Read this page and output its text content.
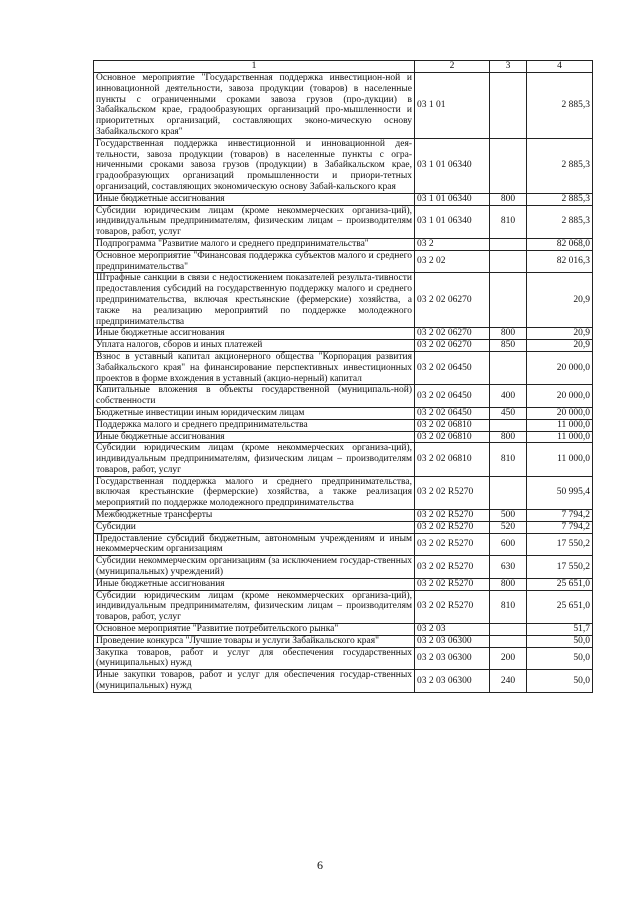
1	2	3	4
Основное мероприятие "Государственная поддержка инвестицион-ной и инновационной деятельности, завоза продукции (товаров) в населенные пункты с ограниченными сроками завоза грузов (про-дукции) в Забайкальском крае, градообразующих организаций про-мышленности и приоритетных организаций, составляющих эконо-мическую основу Забайкальского края"	03 1 01		2 885,3
Государственная поддержка инвестиционной и инновационной дея-тельности, завоза продукции (товаров) в населенные пункты с огра-ниченными сроками завоза грузов (продукции) в Забайкальском крае, градообразующих организаций промышленности и приори-тетных организаций, составляющих экономическую основу Забай-кальского края	03 1 01 06340		2 885,3
Иные бюджетные ассигнования	03 1 01 06340	800	2 885,3
Субсидии юридическим лицам (кроме некоммерческих организа-ций), индивидуальным предпринимателям, физическим лицам – производителям товаров, работ, услуг	03 1 01 06340	810	2 885,3
Подпрограмма "Развитие малого и среднего предпринимательства"	03 2		82 068,0
Основное мероприятие "Финансовая поддержка субъектов малого и среднего предпринимательства"	03 2 02		82 016,3
Штрафные санкции в связи с недостижением показателей результа-тивности предоставления субсидий на государственную поддержку малого и среднего предпринимательства, включая крестьянские (фермерские) хозяйства, а также на реализацию мероприятий по поддержке молодежного предпринимательства	03 2 02 06270		20,9
Иные бюджетные ассигнования	03 2 02 06270	800	20,9
Уплата налогов, сборов и иных платежей	03 2 02 06270	850	20,9
Взнос в уставный капитал акционерного общества "Корпорация развития Забайкальского края" на финансирование перспективных инвестиционных проектов в форме вхождения в уставный (акцио-нерный) капитал	03 2 02 06450		20 000,0
Капитальные вложения в объекты государственной (муниципаль-ной) собственности	03 2 02 06450	400	20 000,0
Бюджетные инвестиции иным юридическим лицам	03 2 02 06450	450	20 000,0
Поддержка малого и среднего предпринимательства	03 2 02 06810		11 000,0
Иные бюджетные ассигнования	03 2 02 06810	800	11 000,0
Субсидии юридическим лицам (кроме некоммерческих организа-ций), индивидуальным предпринимателям, физическим лицам – производителям товаров, работ, услуг	03 2 02 06810	810	11 000,0
Государственная поддержка малого и среднего предпринимательства, включая крестьянские (фермерские) хозяйства, а также реализация мероприятий по поддержке молодежного предпринимательства	03 2 02 R5270		50 995,4
Межбюджетные трансферты	03 2 02 R5270	500	7 794,2
Субсидии	03 2 02 R5270	520	7 794,2
Предоставление субсидий бюджетным, автономным учреждениям и иным некоммерческим организациям	03 2 02 R5270	600	17 550,2
Субсидии некоммерческим организациям (за исключением государ-ственных (муниципальных) учреждений)	03 2 02 R5270	630	17 550,2
Иные бюджетные ассигнования	03 2 02 R5270	800	25 651,0
Субсидии юридическим лицам (кроме некоммерческих организа-ций), индивидуальным предпринимателям, физическим лицам – производителям товаров, работ, услуг	03 2 02 R5270	810	25 651,0
Основное мероприятие "Развитие потребительского рынка"	03 2 03		51,7
Проведение конкурса "Лучшие товары и услуги Забайкальского края"	03 2 03 06300		50,0
Закупка товаров, работ и услуг для обеспечения государственных (муниципальных) нужд	03 2 03 06300	200	50,0
Иные закупки товаров, работ и услуг для обеспечения государ-ственных (муниципальных) нужд	03 2 03 06300	240	50,0
6
